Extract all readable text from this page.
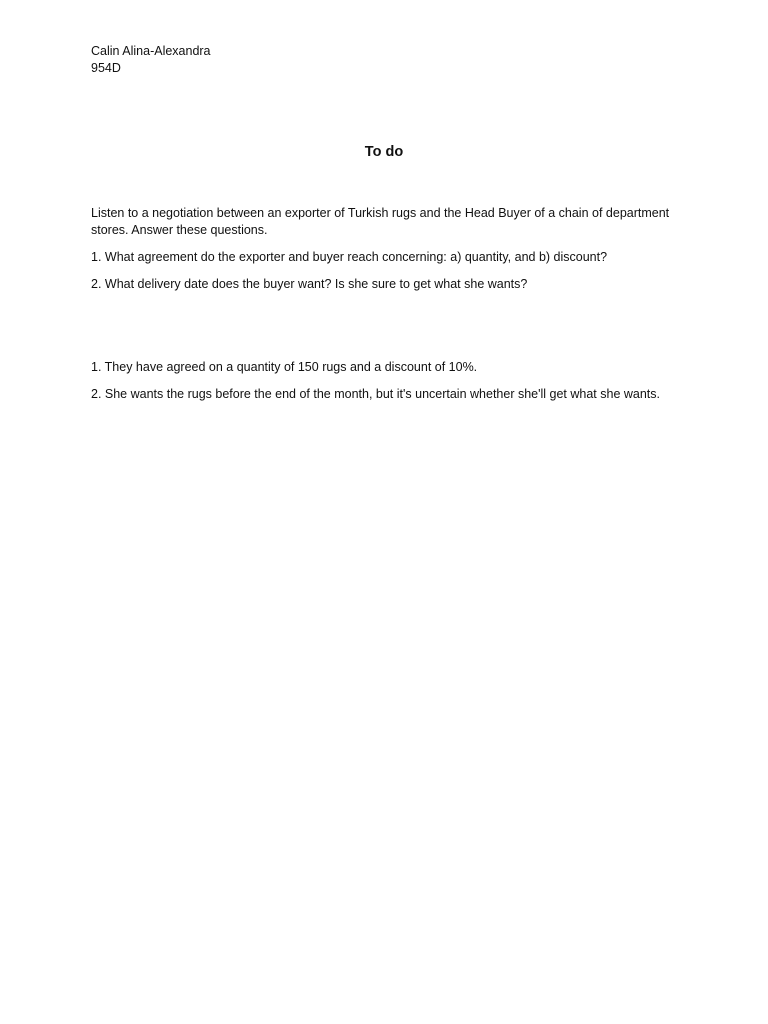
Calin Alina-Alexandra
954D
To do

Listen to a negotiation between an exporter of Turkish rugs and the Head Buyer of a chain of department stores. Answer these questions.

1. What agreement do the exporter and buyer reach concerning: a) quantity, and b) discount?

2. What delivery date does the buyer want? Is she sure to get what she wants?

1. They have agreed on a quantity of 150 rugs and a discount of 10%.

2. She wants the rugs before the end of the month, but it's uncertain whether she'll get what she wants.
